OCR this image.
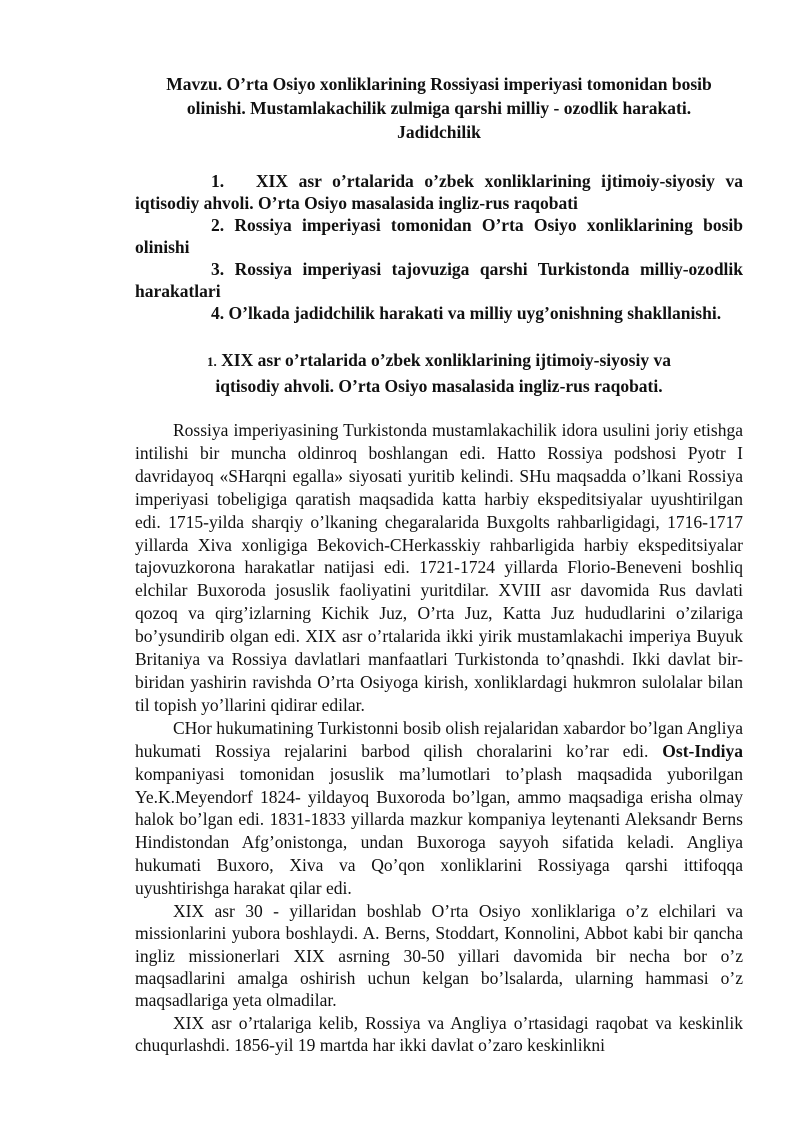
Mavzu. O’rta Osiyo xonliklarining Rossiyasi imperiyasi tomonidan bosib
olinishi. Mustamlakachilik zulmiga qarshi milliy - ozodlik harakati.
Jadidchilik

1. XIX asr o’rtalarida o’zbek xonliklarining ijtimoiy-siyosiy va iqtisodiy ahvoli. O’rta Osiyo masalasida ingliz-rus raqobati

2. Rossiya imperiyasi tomonidan O’rta Osiyo xonliklarining bosib olinishi

3. Rossiya imperiyasi tajovuziga qarshi Turkistonda milliy-ozodlik harakatlari

4. O’lkada jadidchilik harakati va milliy uyg’onishning shakllanishi.

1. XIX asr o’rtalarida o’zbek xonliklarining ijtimoiy-siyosiy va
iqtisodiy ahvoli. O’rta Osiyo masalasida ingliz-rus raqobati.

Rossiya imperiyasining Turkistonda mustamlakachilik idora usulini joriy etishga intilishi bir muncha oldinroq boshlangan edi. Hatto Rossiya podshosi Pyotr I davridayoq «SHarqni egalla» siyosati yuritib kelindi. SHu maqsadda o’lkani Rossiya imperiyasi tobeligiga qaratish maqsadida katta harbiy ekspeditsiyalar uyushtirilgan edi. 1715-yilda sharqiy o’lkaning chegaralarida Buxgolts rahbarligidagi, 1716-1717 yillarda Xiva xonligiga Bekovich-CHerkasskiy rahbarligida harbiy ekspeditsiyalar tajovuzkorona harakatlar natijasi edi. 1721-1724 yillarda Florio-Beneveni boshliq elchilar Buxoroda josuslik faoliyatini yuritdilar. XVIII asr davomida Rus davlati qozoq va qirg’izlarning Kichik Juz, O’rta Juz, Katta Juz hududlarini o’zilariga bo’ysundirib olgan edi. XIX asr o’rtalarida ikki yirik mustamlakachi imperiya Buyuk Britaniya va Rossiya davlatlari manfaatlari Turkistonda to’qnashdi. Ikki davlat bir- biridan yashirin ravishda O’rta Osiyoga kirish, xonliklardagi hukmron sulolalar bilan til topish yo’llarini qidirar edilar.

CHor hukumatining Turkistonni bosib olish rejalaridan xabardor bo’lgan Angliya hukumati Rossiya rejalarini barbod qilish choralarini ko’rar edi. Ost-Indiya kompaniyasi tomonidan josuslik ma’lumotlari to’plash maqsadida yuborilgan Ye.K.Meyendorf 1824- yildayoq Buxoroda bo’lgan, ammo maqsadiga erisha olmay halok bo’lgan edi. 1831-1833 yillarda mazkur kompaniya leytenanti Aleksandr Berns Hindistondan Afg’onistonga, undan Buxoroga sayyoh sifatida keladi. Angliya hukumati Buxoro, Xiva va Qo’qon xonliklarini Rossiyaga qarshi ittifoqqa uyushtirishga harakat qilar edi.

XIX asr 30 - yillaridan boshlab O’rta Osiyo xonliklariga o’z elchilari va missionlarini yubora boshlaydi. A. Berns, Stoddart, Konnolini, Abbot kabi bir qancha ingliz missionerlari XIX asrning 30-50 yillari davomida bir necha bor o’z maqsadlarini amalga oshirish uchun kelgan bo’lsalarda, ularning hammasi o’z maqsadlariga yeta olmadilar.

XIX asr o’rtalariga kelib, Rossiya va Angliya o’rtasidagi raqobat va keskinlik chuqurlashdi. 1856-yil 19 martda har ikki davlat o’zaro keskinlikni
